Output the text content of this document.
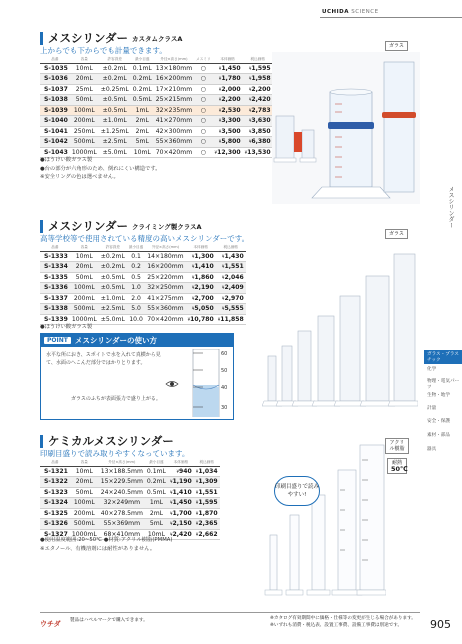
UCHIDA SCIENCE
メスシリンダー カスタムクラスA
上からでも下からでも計量できます。
品番	容量	許容誤差	最小目盛	外径×高さ(mm)	メスミリ	本体価格	税込価格
S-1035	10mL	±0.2mL	0.1mL	13×180mm	○	¥1,450	¥1,595
S-1036	20mL	±0.2mL	0.2mL	16×200mm	○	¥1,780	¥1,958
S-1037	25mL	±0.25mL	0.2mL	17×210mm	○	¥2,000	¥2,200
S-1038	50mL	±0.5mL	0.5mL	25×215mm	○	¥2,200	¥2,420
S-1039	100mL	±0.5mL	1mL	32×235mm	○	¥2,530	¥2,783
S-1040	200mL	±1.0mL	2mL	41×270mm	○	¥3,300	¥3,630
S-1041	250mL	±1.25mL	2mL	42×300mm	○	¥3,500	¥3,850
S-1042	500mL	±2.5mL	5mL	55×360mm	○	¥5,800	¥6,380
S-1043	1000mL	±5.0mL	10mL	70×420mm	○	¥12,300	¥13,530
●ほうけい酸ガラス製
●台の部分が六角形のため、倒れにくい構造です。
※安全リングの色は選べません。
ガラス
メスシリンダー クライミング製クラスA
高等学校等で使用されている精度の高いメスシリンダーです。
品番	容量	許容誤差	最小目盛	外径×高さ(mm)	本体価格	税込価格
S-1333	10mL	±0.2mL	0.1	14×180mm	¥1,300	¥1,430
S-1334	20mL	±0.2mL	0.2	16×200mm	¥1,410	¥1,551
S-1335	50mL	±0.5mL	0.5	25×220mm	¥1,860	¥2,046
S-1336	100mL	±0.5mL	1.0	32×250mm	¥2,190	¥2,409
S-1337	200mL	±1.0mL	2.0	41×275mm	¥2,700	¥2,970
S-1338	500mL	±2.5mL	5.0	55×360mm	¥5,050	¥5,555
S-1339	1000mL	±5.0mL	10.0	70×420mm	¥10,780	¥11,858
●ほうけい酸ガラス製
ガラス
POINT メスシリンダーの使い方
水平な所におき、スポイトで水を入れて真横から見て、水面のへこんだ部分ではかりとります。
ガラスのふちが表面張力で盛り上がる。
60
50
40
30
ケミカルメスシリンダー
印刷目盛りで読み取りやすくなっています。
品番	容量	外径×高さ(mm)	最小目盛	本体価格	税込価格
S-1321	10mL	13×188.5mm	0.1mL	¥940	¥1,034
S-1322	20mL	15×229.5mm	0.2mL	¥1,190	¥1,309
S-1323	50mL	24×240.5mm	0.5mL	¥1,410	¥1,551
S-1324	100mL	32×249mm	1mL	¥1,450	¥1,595
S-1325	200mL	40×278.5mm	2mL	¥1,700	¥1,870
S-1326	500mL	55×369mm	5mL	¥2,150	¥2,365
S-1327	1000mL	68×410mm	10mL	¥2,420	¥2,662
●使用温度範囲:20~50℃ ●材質:アクリル樹脂(PMMA)
※エタノール、有機溶剤には耐性がありません。
アクリル樹脂
耐熱
50℃
印刷目盛りで読みやすい!
メスシリンダー
ガラス・プラスチック
化学
物理・電気パーツ
生物・地学
計量
安全・保護
素材・部品
器具
ウチダ 製品はハペルマークで購入できます。	※カタログ有効期間中に価格・仕様等の変更が生じる場合があります。
※いずれも消費・税込表、設置工事費、設備工事費は別途です。	905
